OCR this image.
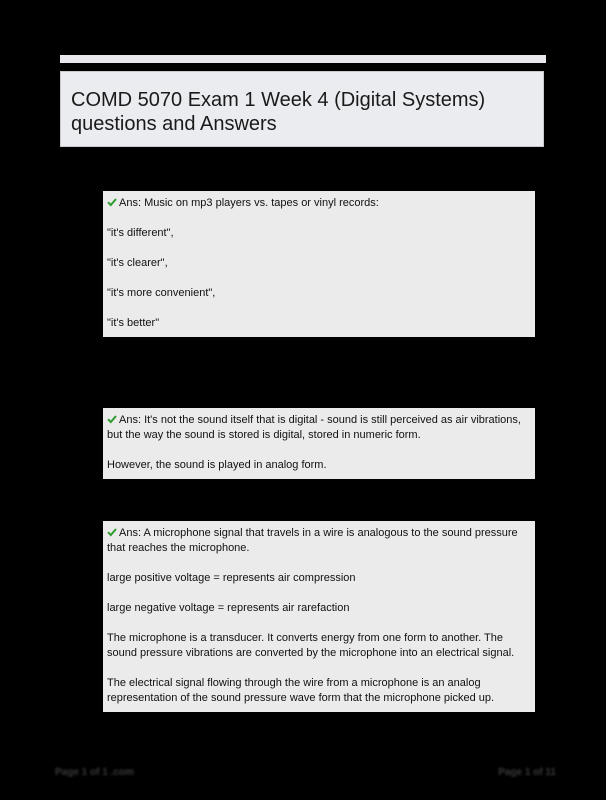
COMD 5070 Exam 1 Week 4 (Digital Systems) questions and Answers

Ans: Music on mp3 players vs. tapes or vinyl records:

"it's different",

"it's clearer",

"it's more convenient",

"it's better"

Ans: It's not the sound itself that is digital - sound is still perceived as air vibrations, but the way the sound is stored is digital, stored in numeric form.

However, the sound is played in analog form.

Ans: A microphone signal that travels in a wire is analogous to the sound pressure that reaches the microphone.

large positive voltage = represents air compression

large negative voltage = represents air rarefaction

The microphone is a transducer. It converts energy from one form to another. The sound pressure vibrations are converted by the microphone into an electrical signal.

The electrical signal flowing through the wire from a microphone is an analog representation of the sound pressure wave form that the microphone picked up.

Page 1 of 1 .com	Page 1 of 11
